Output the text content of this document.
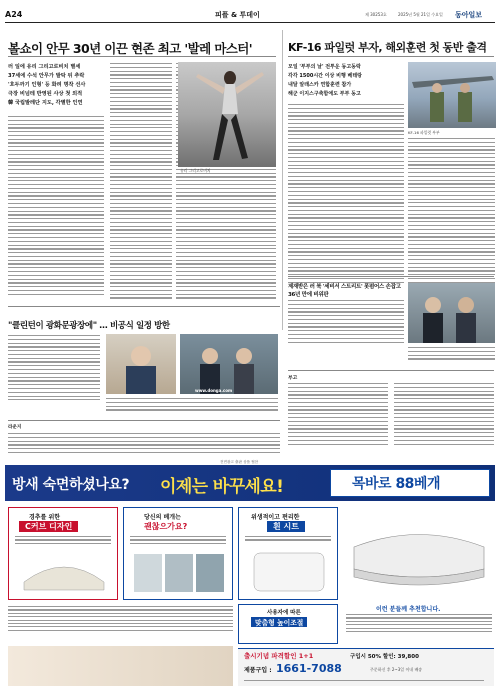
A24	피플 & 투데이	제 30253호	2025년 5월 21일 수요일 동아일보
볼쇼이 안무 30년 이끈 현존 최고 '발레 마스터'
러 일에 유리 그리고로비치 별세
37세에 수석 안무가 발탁 뒤 추락
'호두까기 인형' 등 화려 명작 선사
극장 비넘테 반영된 사상 첫 외적
韓 국립발레단 지도, 각별한 인연
유리 그리고로비치
KF-16 파일럿 부자, 해외훈련 첫 동반 출격
모일 '부부의 날' 전투운 동고동락
각각 1500시간 이상 비행 베테랑
내달 알래스카 연합훈련 참가
해군 이지스구축함에도 부부 동고
KF-16 파일럿 부부
"클린턴이 광화문광장에" … 비공식 일정 방한
www.donga.com
라운지
제재받은 러 북 '세비서 스트리트' 폿펌어스 손잡고 36년 만에 비위판
부고
전면광고 출판 상품 협찬
방새 숙면하셨나요? 이제는 바꾸세요!	목바로 88베개
경추를 위한
C커브 디자인
당신의 베개는
괜찮으가요?
위생적이고 편리한
흰 시트
사용자에 따른
맞춤형 높이조절
이런 분들께 추천합니다.
출시기념 파격할인 1+1	구입시 50% 할인: 39,800
제품구입 : 1661-7088	주문하신 후 2~3일 이내 배송
